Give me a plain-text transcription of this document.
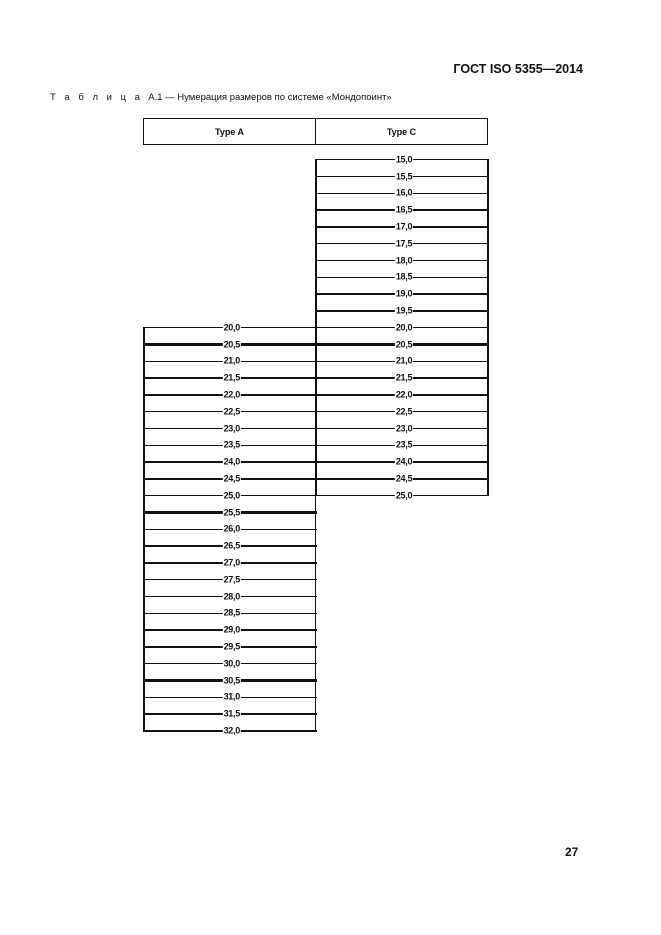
ГОСТ ISO 5355—2014
Т а б л и ц а А.1 — Нумерация размеров по системе «Мондопоинт»
Type A	Type C
15,0
15,5
16,0
16,5
17,0
17,5
18,0
18,5
19,0
19,5
20,0
20,5
21,0
21,5
22,0
22,5
23,0
23,5
24,0
24,5
25,0
20,0
20,5
21,0
21,5
22,0
22,5
23,0
23,5
24,0
24,5
25,0
25,5
26,0
26,5
27,0
27,5
28,0
28,5
29,0
29,5
30,0
30,5
31,0
31,5
32,0
27
